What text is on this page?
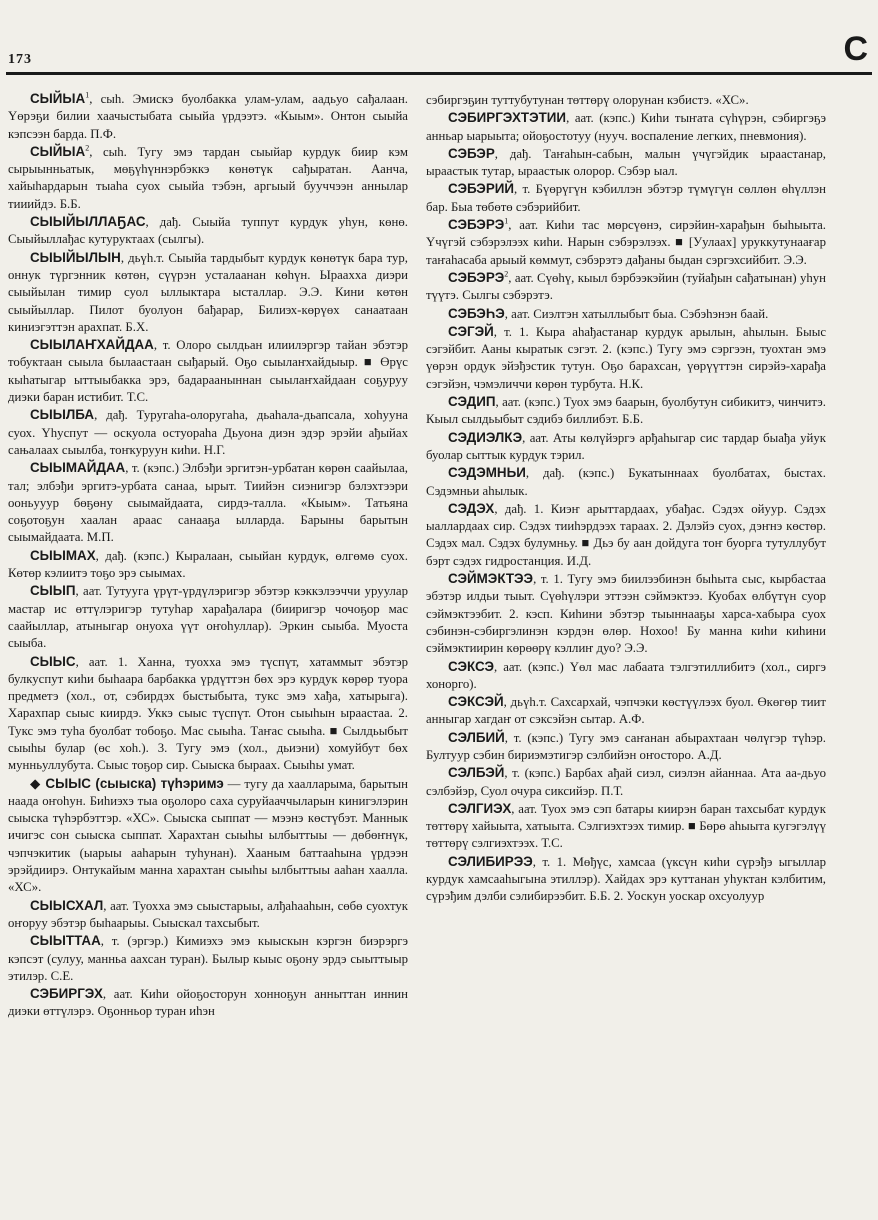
173	С

СЫЙЫА$^1$, сыһ. Эмискэ буолбакка улам-улам, аадьуо сађалаан. Үөрэҕи билии хаачыстыбата сыыйа үрдээтэ. «Кыым». Онтон сыыйа кэпсээн барда. П.Ф.

СЫЙЫА$^2$, сыһ. Тугу эмэ тардан сыыйар курдук биир кэм сырыынньатык, мөҕүһүннэрбэккэ көнөтүк сађыратан. Аанча, хайыһардарын тыаһа суох сыыйа тэбэн, аргыый бууччээн аннылар тииийдэ. Б.Б.

СЫЫЙЫЛЛАҔАС, дађ. Сыыйа туппут курдук уһун, көнө. Сыыйыллађас кутуруктаах (сылгы).

СЫЫЙЫЛЫН, дьүһ.т. Сыыйа тардыбыт курдук көнөтүк бара тур, оннук түргэнник көтөн, сүүрэн усталаанан көһүн. Ыраахха диэри сыыйылан тимир суол ыллыктара ысталлар. Э.Э. Кини көтөн сыыйыллар. Пилот буолуон бађарар, Билиэх-көрүөх санаатаан киниэгэттэн арахпат. Б.Х.

СЫЫЛАҤХАЙДАА, т. Олоро сылдьан илиилэргэр тайан эбэтэр тобуктаан сыыла былаастаан сыђарый. Оҕо сыылаҥхайдыыр. ■ Өрүс кыһатыгар ыттыыбакка эрэ, бадарааныннан сыылаҥхайдаан соҕуруу диэки баран истибит. Т.С.

СЫЫЛБА, дађ. Туругаһа-олоругаһа, дьаһала-дьапсала, хоһууна суох. Үһуспут — оскуола остуораһа Дьуона диэн эдэр эрэйи ађыйах сањалаах сыылба, тоҥкуруун киһи. Н.Г.

СЫЫМАЙДАА, т. (кэпс.) Элбэђи эргитэн-урбатан көрөн саайылаа, тал; элбэђи эргитэ-урбата санаа, ырыт. Тиийэн сиэнигэр бэлэхтээри ооньууур бөҕөну сыымайдаата, сирдэ-талла. «Кыым». Татьяна соҕотоҕун хаалан араас санааҕа ылларда. Барыны барытын сыымайдаата. М.П.

СЫЫМАХ, дађ. (кэпс.) Кыралаан, сыыйан курдук, өлгөмө суох. Көтөр кэлиитэ тоҕо эрэ сыымах.

СЫЫП, аат. Тутууга үрүт-үрдүлэригэр эбэтэр кэккэлээччи уруулар мастар ис өттүлэригэр тутуһар харађалара (бииригэр чочоҕор мас саайыллар, атыныгар онуоха үүт оҥоһуллар). Эркин сыыба. Муоста сыыба.

СЫЫС, аат. 1. Ханна, туохха эмэ түспүт, хатаммыт эбэтэр булкуспут киһи быһаара барбакка үрдүттэн бөх эрэ курдук көрөр туора предметэ (хол., от, сэбирдэх быстыбыта, тукс эмэ хађа, хатырыга). Харахпар сыыс киирдэ. Уккэ сыыс түспүт. Отон сыыһын ыраастаа. 2. Тукс эмэ туһа буолбат тобоҕо. Мас сыыһа. Таҥас сыыһа. ■ Сылдьыбыт сыыһы булар (өс хоһ.). 3. Тугу эмэ (хол., дьиэни) хомуйбут бөх мунньуллубута. Сыыс тоҕор сир. Сыыска быраах. Сыыһы умат.

◆ СЫЫС (сыыска) түһэримэ — тугу да хаалларыма, барытын наада оҥоһун. Биһиэхэ тыа оҕолоро саха суруйааччыларын кинигэлэрин сыыска түһэрбэттэр. «ХС». Сыыска сыппат — мээнэ көстүбэт. Маннык ичигэс сон сыыска сыппат. Харахтан сыыһы ылбыттыы — дөбөҥнүк, чэпчэкитик (ыарыы ааһарын туһунан). Хааным баттааһына үрдээн эрэйдиирэ. Онтукайым манна харахтан сыыһы ылбыттыы ааһан хаалла. «ХС».

СЫЫСХАЛ, аат. Туохха эмэ сыыстарыы, алђаһааһын, сөбө суохтук оҥоруу эбэтэр быһаарыы. Сыыскал тахсыбыт.

СЫЫТТАА, т. (эргэр.) Кимиэхэ эмэ кыыскын кэргэн биэрэргэ кэпсэт (сулуу, манньа аахсан туран). Былыр кыыс оҕону эрдэ сыыттыыр этилэр. С.Е.

СЭБИРГЭХ, аат. Киһи ойоҕосторун хонноҕун анныттан иннин диэки өттүлэрэ. Оҕонньор туран иһэн

сэбиргэҕин туттубутунан төттөрү олорунан кэбистэ. «ХС».

СЭБИРГЭХТЭТИИ, аат. (кэпс.) Киһи тыҥата сүһүрэн, сэбиргэҕэ анньар ыарыыта; ойоҕостотуу (нууч. воспаление легких, пневмония).

СЭБЭР, дађ. Таҥаһын-сабын, малын үчүгэйдик ыраастанар, ыраастык тутар, ыраастык олорор. Сэбэр ыал.

СЭБЭРИЙ, т. Бүөрүгүн кэбиллэн эбэтэр түмүгүн сөллөн өһүллэн бар. Быа төбөтө сэбэрийбит.

СЭБЭРЭ$^1$, аат. Киһи тас мөрсүөнэ, сирэйин-харађын быһыыта. Үчүгэй сэбэрэлээх киһи. Нарын сэбэрэлээх. ■ [Уулаах] уруккутунаағар таҥаһасаба арыый көммут, сэбэрэтэ дађаны быдан сэргэхсийбит. Э.Э.

СЭБЭРЭ$^2$, аат. Сүөһү, кыыл бэрбээкэйин (туйађын сађатынан) уһун түүтэ. Сылгы сэбэрэтэ.

СЭБЭҺЭ, аат. Сиэлтэн хатыллыбыт быа. Сэбэһэнэн баай.

СЭГЭЙ, т. 1. Кыра аһађастанар курдук арылын, аһылын. Быыс сэгэйбит. Ааны кыратык сэгэт. 2. (кэпс.) Тугу эмэ сэргээн, туохтан эмэ үөрэн ордук эйэђэстик тутун. Оҕо барахсан, үөрүүттэн сирэйэ-харађа сэгэйэн, чэмэличчи көрөн турбута. Н.К.

СЭДИП, аат. (кэпс.) Туох эмэ баарын, буолбутун сибикитэ, чинчитэ. Кыыл сылдьыбыт сэдибэ биллибэт. Б.Б.

СЭДИЭЛКЭ, аат. Аты көлүйэргэ арђаһыгар сис тардар быађа уйук буолар сыттык курдук тэрил.

СЭДЭМНЬИ, дађ. (кэпс.) Букатыннаах буолбатах, быстах. Сэдэмньи аһылык.

СЭДЭХ, дађ. 1. Киэҥ арыттардаах, убађас. Сэдэх ойуур. Сэдэх ыаллардаах сир. Сэдэх тииһэрдээх тараах. 2. Дэлэйэ суох, дэҥнэ көстөр. Сэдэх мал. Сэдэх булумньу. ■ Дьэ бу аан дойдуга тоҥ буорга тутуллубут бэрт сэдэх гидростанция. И.Д.

СЭЙМЭКТЭЭ, т. 1. Тугу эмэ биилээбинэн быһыта сыс, кырбастаа эбэтэр илдьи тыыт. Сүөһүлэри эттээн сэймэктээ. Куобах өлбүтүн суор сэймэктээбит. 2. кэсп. Киһини эбэтэр тыыннааҕы харса-хабыра суох сэбинэн-сэбиргэлинэн кэрдэн өлөр. Нохоо! Бу манна киһи киһини сэймэктиирин көрөөрү кэллиҥ дуо? Э.Э.

СЭКСЭ, аат. (кэпс.) Үөл мас лабаата тэлгэтиллибитэ (хол., сиргэ хонорго).

СЭКСЭЙ, дьүһ.т. Сахсархай, чэпчэки көстүүлээх буол. Өкөгөр тиит анныгар хагдаҥ от сэксэйэн сытар. А.Ф.

СЭЛБИЙ, т. (кэпс.) Тугу эмэ саҥанан абырахтаан чөлүгэр түһэр. Бултуур сэбин бириэмэтигэр сэлбийэн оҥосторо. А.Д.

СЭЛБЭЙ, т. (кэпс.) Барбах ађай сиэл, сиэлэн айаннаа. Ата аа-дьуо сэлбэйэр, Суол очура сиксийэр. П.Т.

СЭЛГИЭХ, аат. Туох эмэ сэп батары киирэн баран тахсыбат курдук төттөрү хайыыта, хатыыта. Сэлгиэхтээх тимир. ■ Бөрө аһыыта кугэгэлүү төттөрү сэлгиэхтээх. Т.С.

СЭЛИБИРЭЭ, т. 1. Мөђүс, хамсаа (үксүн киһи сүрэђэ ыгыллар курдук хамсааһыгына этиллэр). Хайдах эрэ куттанан уһуктан кэлбитим, сүрэђим дэлби сэлибирээбит. Б.Б. 2. Уоскун уоскар охсуолуур
